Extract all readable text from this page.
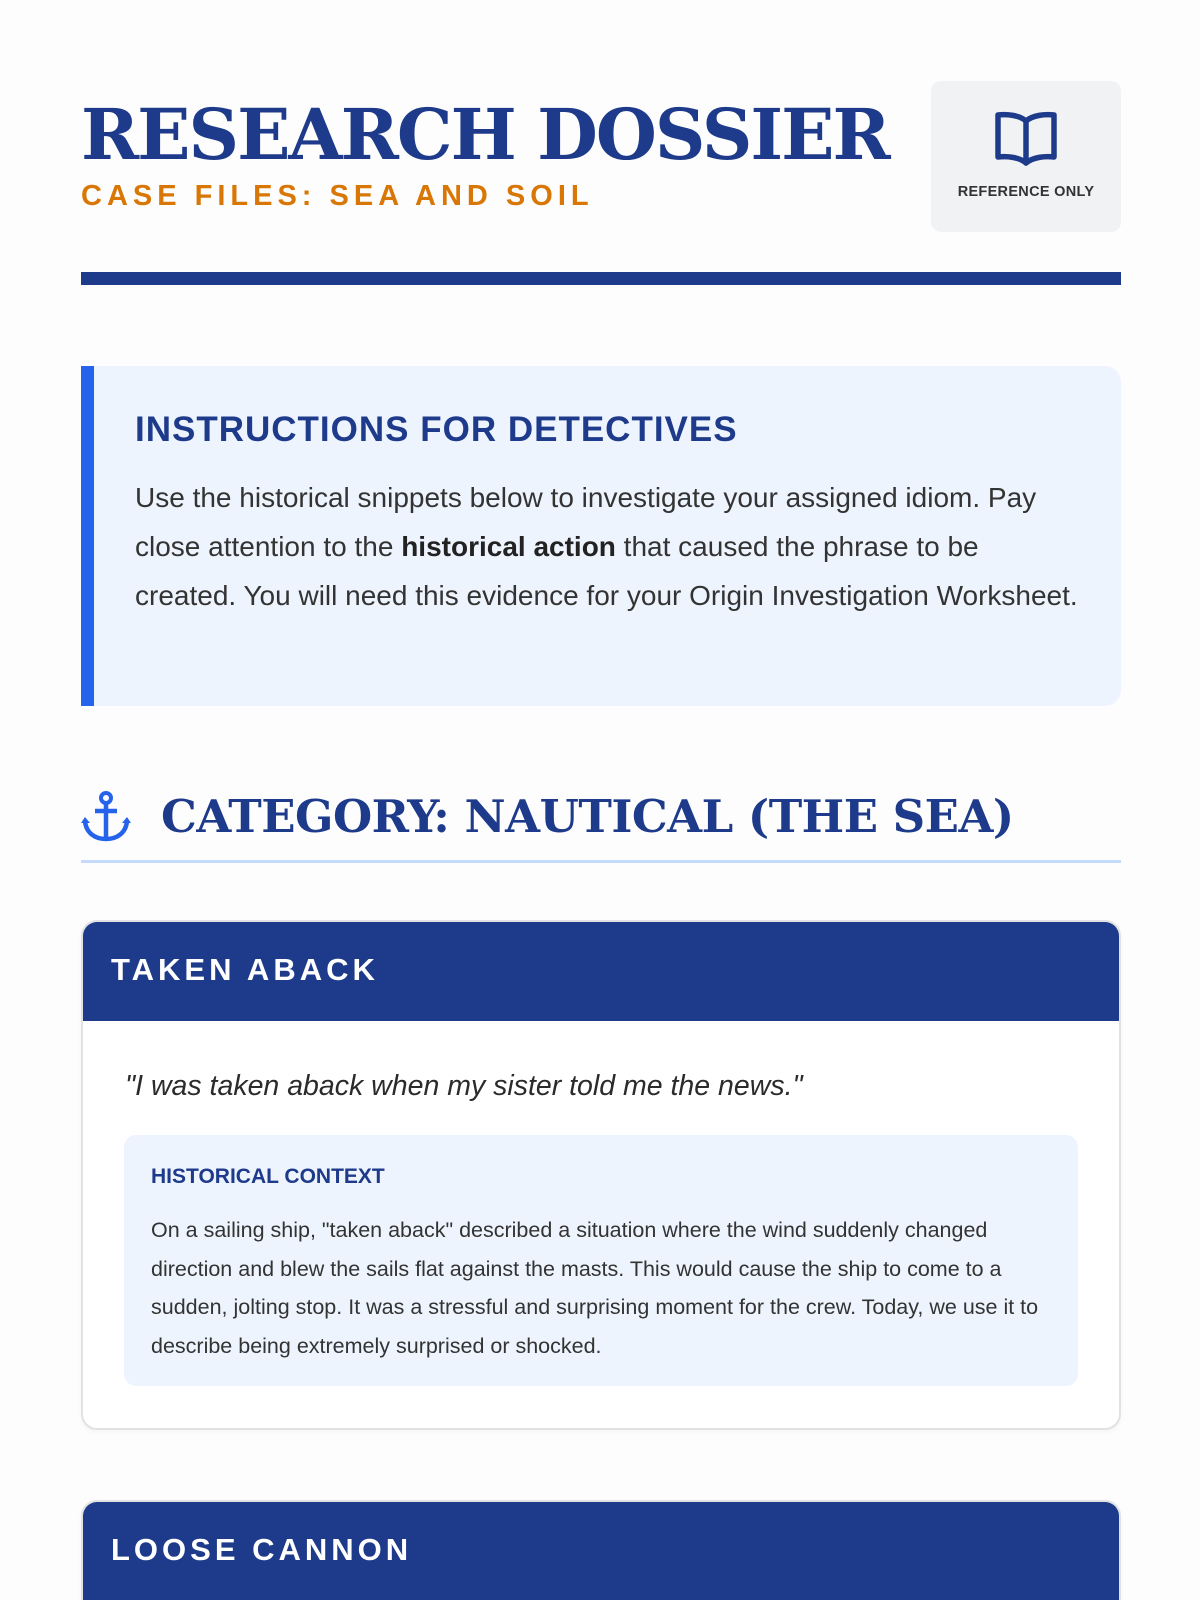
RESEARCH DOSSIER
CASE FILES: SEA AND SOIL	REFERENCE ONLY
INSTRUCTIONS FOR DETECTIVES
Use the historical snippets below to investigate your assigned idiom. Pay close attention to the historical action that caused the phrase to be created. You will need this evidence for your Origin Investigation Worksheet.
CATEGORY: NAUTICAL (THE SEA)
TAKEN ABACK
"I was taken aback when my sister told me the news."
HISTORICAL CONTEXT
On a sailing ship, "taken aback" described a situation where the wind suddenly changed direction and blew the sails flat against the masts. This would cause the ship to come to a sudden, jolting stop. It was a stressful and surprising moment for the crew. Today, we use it to describe being extremely surprised or shocked.
LOOSE CANNON
